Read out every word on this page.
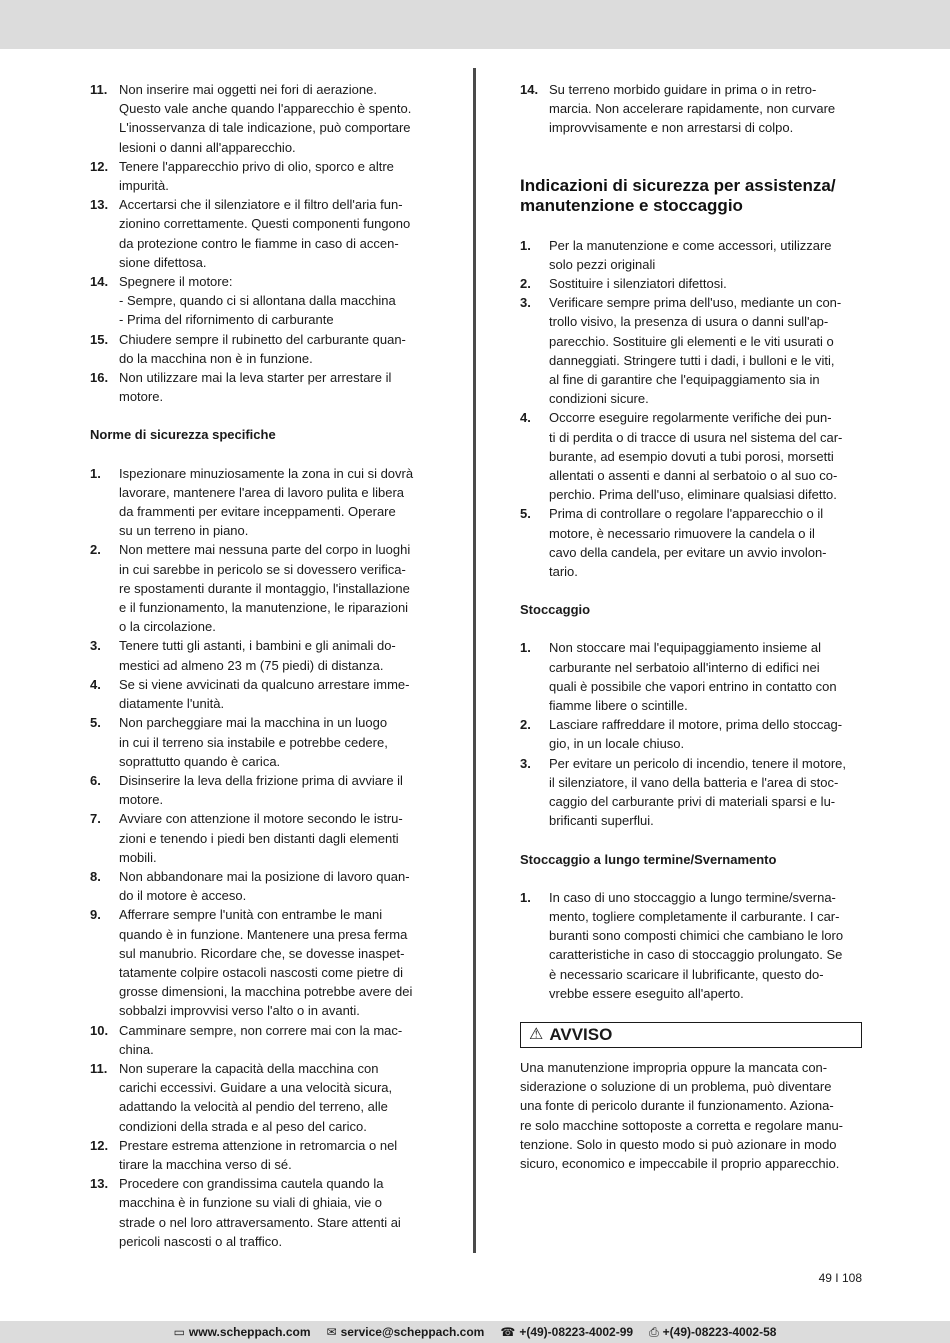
11. Non inserire mai oggetti nei fori di aerazione.
Questo vale anche quando l'apparecchio è spento.
L'inosservanza di tale indicazione, può comportare
lesioni o danni all'apparecchio.
12. Tenere l'apparecchio privo di olio, sporco e altre
impurità.
13. Accertarsi che il silenziatore e il filtro dell'aria fun-
zionino correttamente. Questi componenti fungono
da protezione contro le fiamme in caso di accen-
sione difettosa.
14. Spegnere il motore:
- Sempre, quando ci si allontana dalla macchina
- Prima del rifornimento di carburante
15. Chiudere sempre il rubinetto del carburante quan-
do la macchina non è in funzione.
16. Non utilizzare mai la leva starter per arrestare il
motore.
Norme di sicurezza specifiche
1.	Ispezionare minuziosamente la zona in cui si dovrà
lavorare, mantenere l'area di lavoro pulita e libera
da frammenti per evitare inceppamenti. Operare
su un terreno in piano.
2.	Non mettere mai nessuna parte del corpo in luoghi
in cui sarebbe in pericolo se si dovessero verifica-
re spostamenti durante il montaggio, l'installazione
e il funzionamento, la manutenzione, le riparazioni
o la circolazione.
3.	Tenere tutti gli astanti, i bambini e gli animali do-
mestici ad almeno 23 m (75 piedi) di distanza.
4.	Se si viene avvicinati da qualcuno arrestare imme-
diatamente l'unità.
5.	Non parcheggiare mai la macchina in un luogo
in cui il terreno sia instabile e potrebbe cedere,
soprattutto quando è carica.
6.	Disinserire la leva della frizione prima di avviare il
motore.
7.	Avviare con attenzione il motore secondo le istru-
zioni e tenendo i piedi ben distanti dagli elementi
mobili.
8.	Non abbandonare mai la posizione di lavoro quan-
do il motore è acceso.
9.	Afferrare sempre l'unità con entrambe le mani
quando è in funzione. Mantenere una presa ferma
sul manubrio. Ricordare che, se dovesse inaspet-
tatamente colpire ostacoli nascosti come pietre di
grosse dimensioni, la macchina potrebbe avere dei
sobbalzi improvvisi verso l'alto o in avanti.
10. Camminare sempre, non correre mai con la mac-
china.
11. Non superare la capacità della macchina con
carichi eccessivi. Guidare a una velocità sicura,
adattando la velocità al pendio del terreno, alle
condizioni della strada e al peso del carico.
12. Prestare estrema attenzione in retromarcia o nel
tirare la macchina verso di sé.
13. Procedere con grandissima cautela quando la
macchina è in funzione su viali di ghiaia, vie o
strade o nel loro attraversamento. Stare attenti ai
pericoli nascosti o al traffico.
14. Su terreno morbido guidare in prima o in retro-
marcia. Non accelerare rapidamente, non curvare
improvvisamente e non arrestarsi di colpo.
Indicazioni di sicurezza per assistenza/
manutenzione e stoccaggio
1.	Per la manutenzione e come accessori, utilizzare
solo pezzi originali
2.	Sostituire i silenziatori difettosi.
3.	Verificare sempre prima dell'uso, mediante un con-
trollo visivo, la presenza di usura o danni sull'ap-
parecchio. Sostituire gli elementi e le viti usurati o
danneggiati. Stringere tutti i dadi, i bulloni e le viti,
al fine di garantire che l'equipaggiamento sia in
condizioni sicure.
4.	Occorre eseguire regolarmente verifiche dei pun-
ti di perdita o di tracce di usura nel sistema del car-
burante, ad esempio dovuti a tubi porosi, morsetti
allentati o assenti e danni al serbatoio o al suo co-
perchio. Prima dell'uso, eliminare qualsiasi difetto.
5.	Prima di controllare o regolare l'apparecchio o il
motore, è necessario rimuovere la candela o il
cavo della candela, per evitare un avvio involon-
tario.
Stoccaggio
1.	Non stoccare mai l'equipaggiamento insieme al
carburante nel serbatoio all'interno di edifici nei
quali è possibile che vapori entrino in contatto con
fiamme libere o scintille.
2.	Lasciare raffreddare il motore, prima dello stoccag-
gio, in un locale chiuso.
3.	Per evitare un pericolo di incendio, tenere il motore,
il silenziatore, il vano della batteria e l'area di stoc-
caggio del carburante privi di materiali sparsi e lu-
brificanti superflui.
Stoccaggio a lungo termine/Svernamento
1.	In caso di uno stoccaggio a lungo termine/sverna-
mento, togliere completamente il carburante. I car-
buranti sono composti chimici che cambiano le loro
caratteristiche in caso di stoccaggio prolungato. Se
è necessario scaricare il lubrificante, questo do-
vrebbe essere eseguito all'aperto.
⚠ AVVISO
Una manutenzione impropria oppure la mancata con-
siderazione o soluzione di un problema, può diventare
una fonte di pericolo durante il funzionamento. Aziona-
re solo macchine sottoposte a corretta e regolare manu-
tenzione. Solo in questo modo si può azionare in modo
sicuro, economico e impeccabile il proprio apparecchio.
49 I 108
▭ www.scheppach.com ✉ service@scheppach.com ☎ +(49)-08223-4002-99 ⎙ +(49)-08223-4002-58
